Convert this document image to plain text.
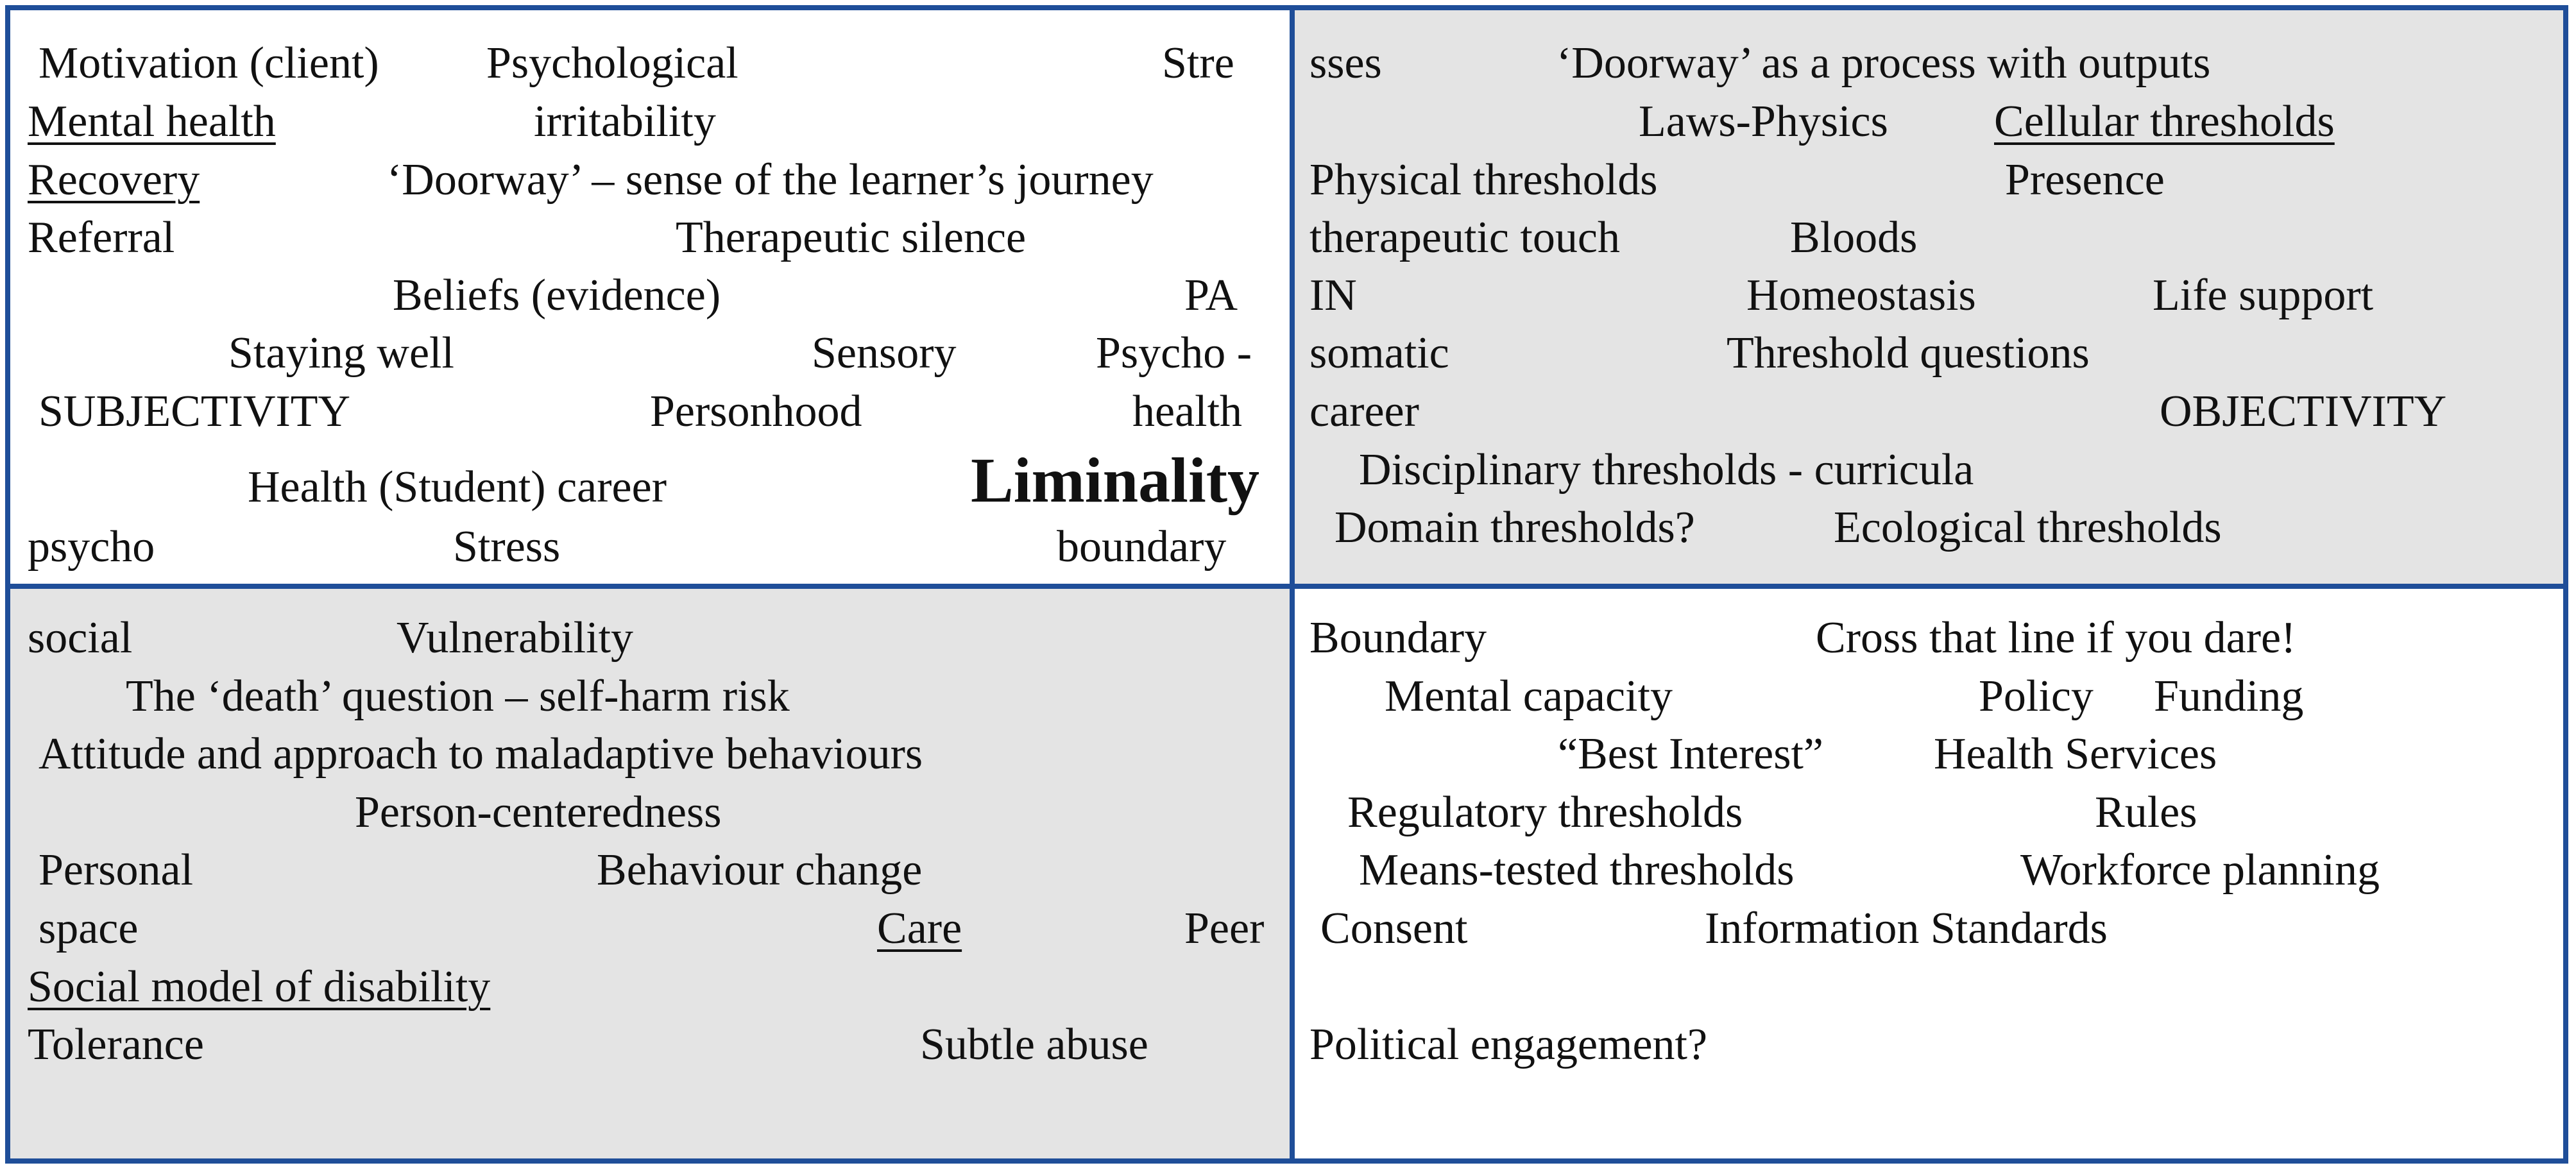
Motivation (client) Psychological	Stre
Mental health	irritability
Recovery	‘Doorway’ – sense of the learner’s journey
Referral	Therapeutic silence
Beliefs (evidence)	PA
Staying well	Sensory	Psycho -
SUBJECTIVITY	Personhood	health
Health (Student) career	Liminality
psycho	Stress	boundary
sses	‘Doorway’ as a process with outputs
Laws-Physics Cellular thresholds
Physical thresholds	Presence
therapeutic touch	Bloods
IN	Homeostasis	Life support
somatic	Threshold questions
career	OBJECTIVITY
Disciplinary thresholds - curricula
Domain thresholds?	Ecological thresholds
social	Vulnerability
The ‘death’ question – self-harm risk
Attitude and approach to maladaptive behaviours
Person-centeredness
Personal	Behaviour change
space	Care	Peer
Social model of disability
Tolerance	Subtle abuse
Boundary	Cross that line if you dare!
Mental capacity	Policy Funding
“Best Interest” Health Services
Regulatory thresholds	Rules
Means-tested thresholds	Workforce planning
Consent	Information Standards
Political engagement?
